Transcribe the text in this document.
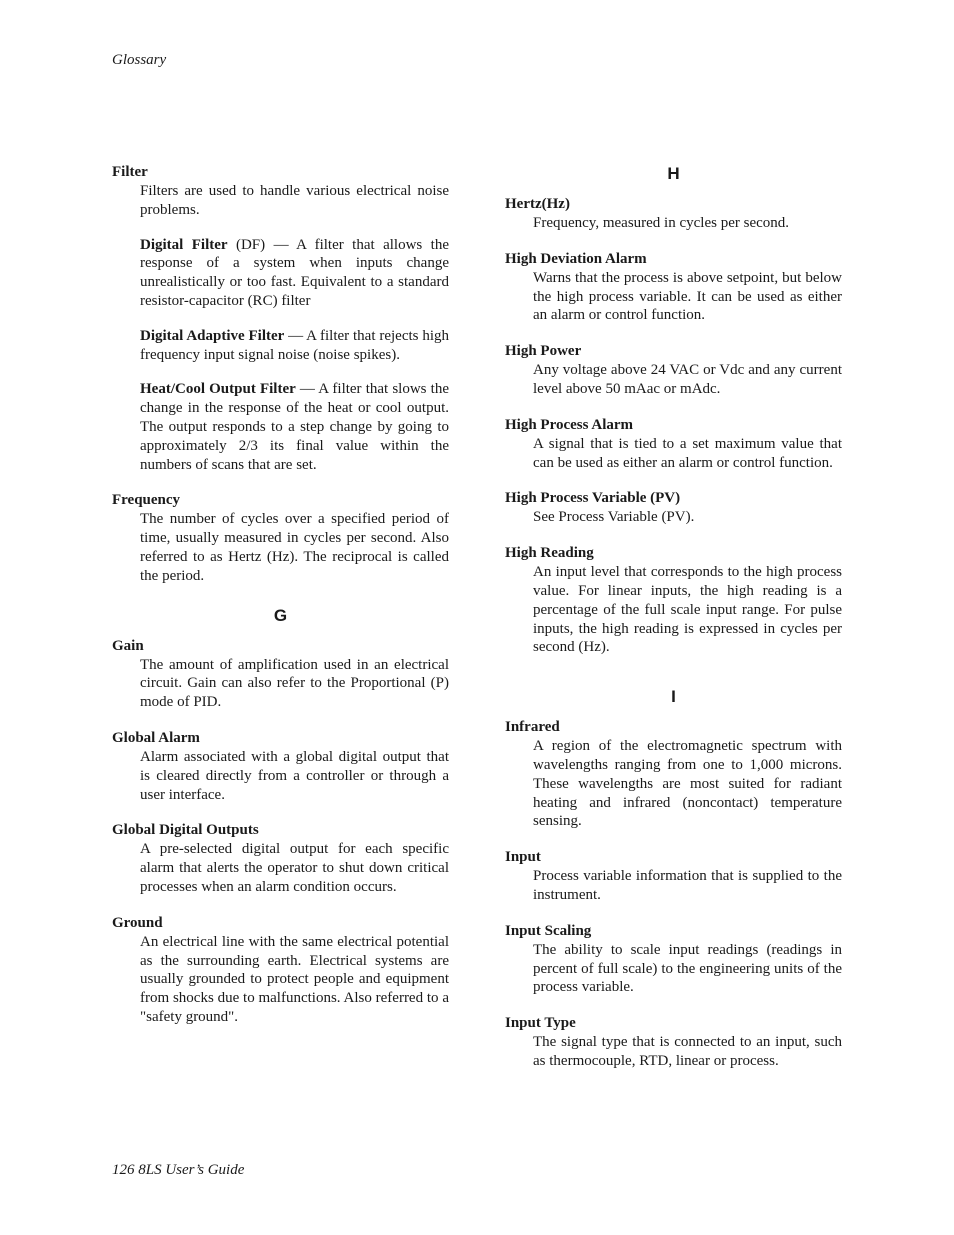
Glossary
Filter
Filters are used to handle various electrical noise problems.
Digital Filter (DF) — A filter that allows the response of a system when inputs change unrealistically or too fast. Equivalent to a standard resistor-capacitor (RC) filter
Digital Adaptive Filter — A filter that rejects high frequency input signal noise (noise spikes).
Heat/Cool Output Filter — A filter that slows the change in the response of the heat or cool output. The output responds to a step change by going to approximately 2/3 its final value within the numbers of scans that are set.
Frequency
The number of cycles over a specified period of time, usually measured in cycles per second. Also referred to as Hertz (Hz). The reciprocal is called the period.
G
Gain
The amount of amplification used in an electrical circuit. Gain can also refer to the Proportional (P) mode of PID.
Global Alarm
Alarm associated with a global digital output that is cleared directly from a controller or through a user interface.
Global Digital Outputs
A pre-selected digital output for each specific alarm that alerts the operator to shut down critical processes when an alarm condition occurs.
Ground
An electrical line with the same electrical potential as the surrounding earth. Electrical systems are usually grounded to protect people and equipment from shocks due to malfunctions. Also referred to a "safety ground".
H
Hertz(Hz)
Frequency, measured in cycles per second.
High Deviation Alarm
Warns that the process is above setpoint, but below the high process variable. It can be used as either an alarm or control function.
High Power
Any voltage above 24 VAC or Vdc and any current level above 50 mAac or mAdc.
High Process Alarm
A signal that is tied to a set maximum value that can be used as either an alarm or control function.
High Process Variable (PV)
See Process Variable (PV).
High Reading
An input level that corresponds to the high process value. For linear inputs, the high reading is a percentage of the full scale input range. For pulse inputs, the high reading is expressed in cycles per second (Hz).
I
Infrared
A region of the electromagnetic spectrum with wavelengths ranging from one to 1,000 microns. These wavelengths are most suited for radiant heating and infrared (noncontact) temperature sensing.
Input
Process variable information that is supplied to the instrument.
Input Scaling
The ability to scale input readings (readings in percent of full scale) to the engineering units of the process variable.
Input Type
The signal type that is connected to an input, such as thermocouple, RTD, linear or process.
126 8LS User’s Guide
